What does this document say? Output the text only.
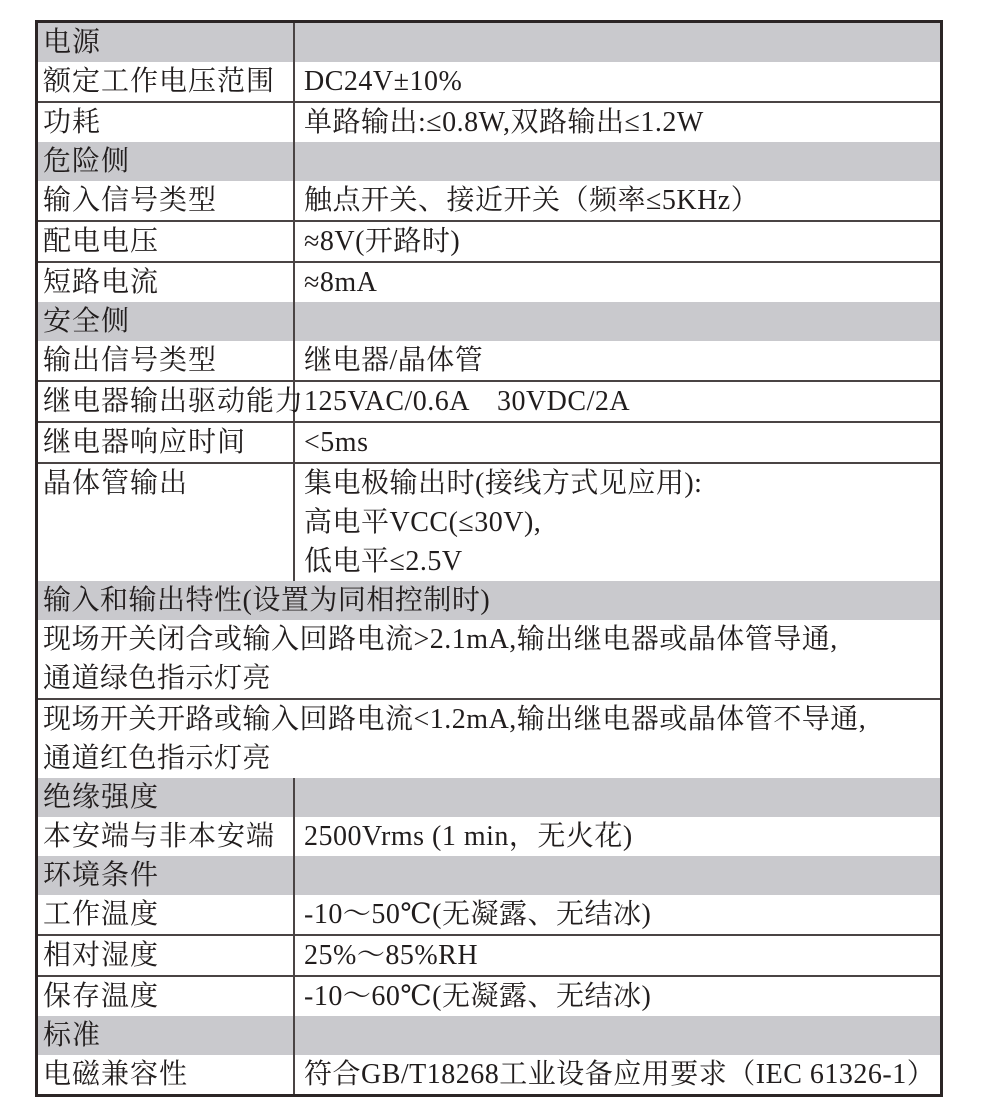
电源
额定工作电压范围	DC24V±10%
功耗	单路输出:≤0.8W,双路输出≤1.2W
危险侧
输入信号类型	触点开关、接近开关（频率≤5KHz）
配电电压	≈8V(开路时)
短路电流	≈8mA
安全侧
输出信号类型	继电器/晶体管
继电器输出驱动能力 125VAC/0.6A　30VDC/2A
继电器响应时间	<5ms
晶体管输出	集电极输出时(接线方式见应用):
高电平VCC(≤30V),
低电平≤2.5V
输入和输出特性(设置为同相控制时)
现场开关闭合或输入回路电流>2.1mA,输出继电器或晶体管导通,
通道绿色指示灯亮
现场开关开路或输入回路电流<1.2mA,输出继电器或晶体管不导通,
通道红色指示灯亮
绝缘强度
本安端与非本安端	2500Vrms (1 min，无火花)
环境条件
工作温度	-10～50℃(无凝露、无结冰)
相对湿度	25%～85%RH
保存温度	-10～60℃(无凝露、无结冰)
标准
电磁兼容性	符合GB/T18268工业设备应用要求（IEC 61326-1）
